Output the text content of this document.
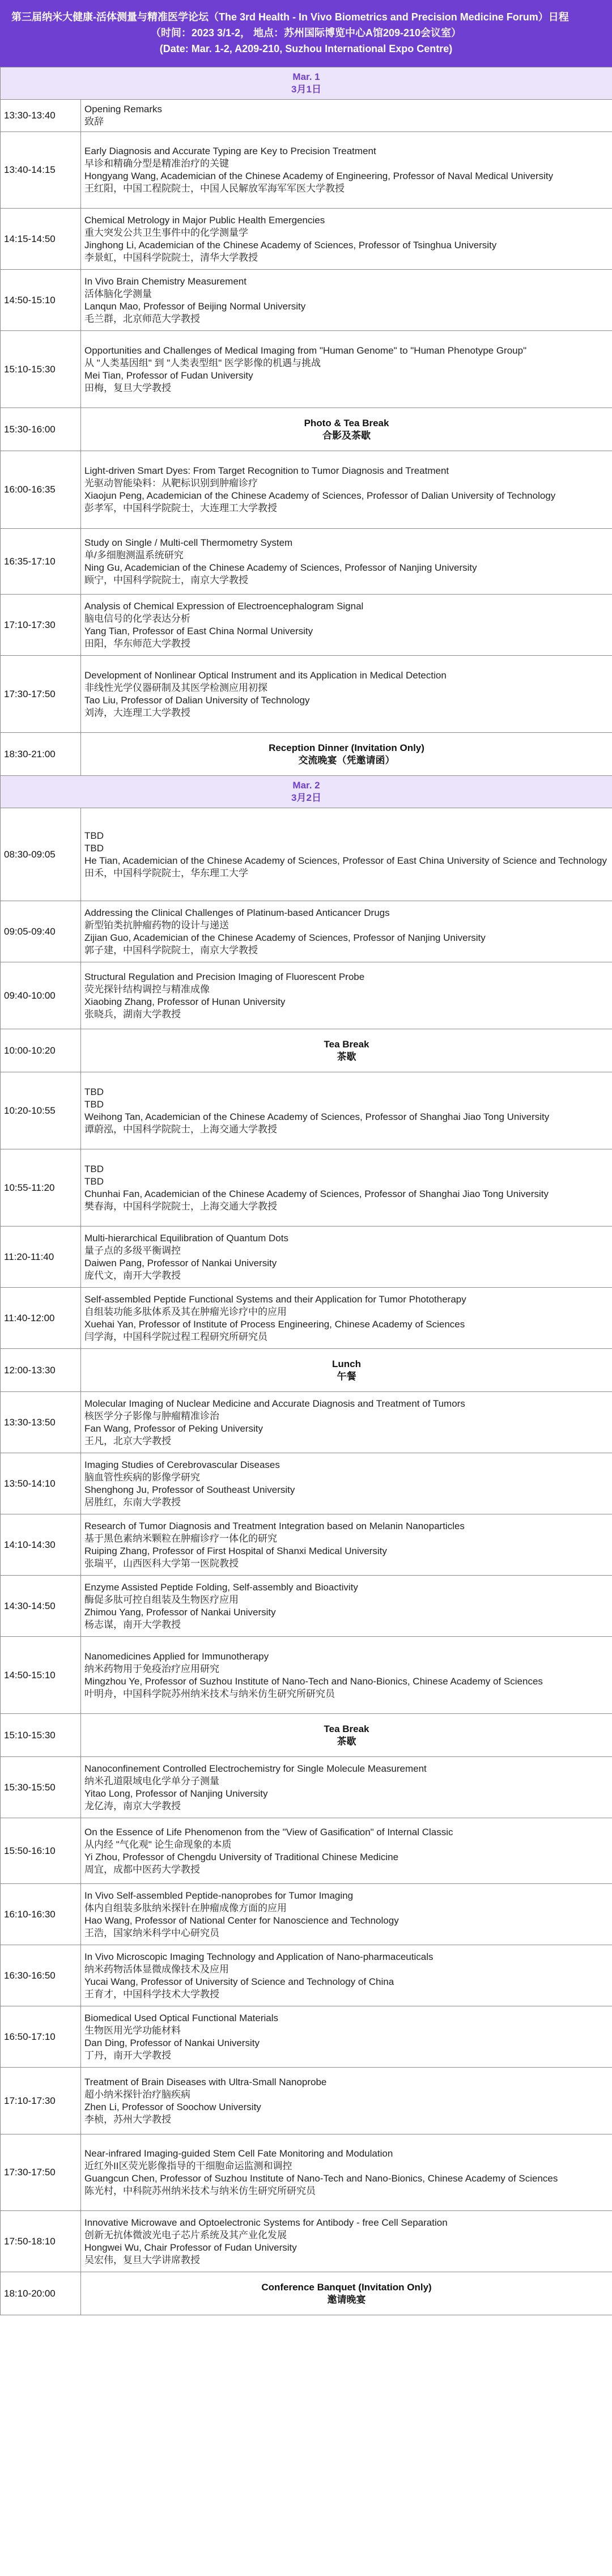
第三届纳米大健康-活体测量与精准医学论坛（The 3rd Health - In Vivo Biometrics and Precision Medicine Forum）日程
（时间：2023 3/1-2， 地点：苏州国际博览中心A馆209-210会议室）
(Date: Mar. 1-2, A209-210, Suzhou International Expo Centre)
Mar. 1
3月1日	

13:30-13:40	Opening Remarks
致辞

13:40-14:15	Early Diagnosis and Accurate Typing are Key to Precision Treatment
早诊和精确分型是精准治疗的关键
Hongyang Wang, Academician of the Chinese Academy of Engineering, Professor of Naval Medical University
王红阳，中国工程院院士，中国人民解放军海军军医大学教授

14:15-14:50	Chemical Metrology in Major Public Health Emergencies
重大突发公共卫生事件中的化学测量学
Jinghong Li, Academician of the Chinese Academy of Sciences, Professor of Tsinghua University
李景虹，中国科学院院士，清华大学教授

14:50-15:10	In Vivo Brain Chemistry Measurement
活体脑化学测量
Lanqun Mao, Professor of Beijing Normal University
毛兰群，北京师范大学教授

15:10-15:30	Opportunities and Challenges of Medical Imaging from "Human Genome" to "Human Phenotype Group"
从 "人类基因组" 到 "人类表型组" 医学影像的机遇与挑战
Mei Tian, Professor of Fudan University
田梅，复旦大学教授

15:30-16:00	Photo & Tea Break
合影及茶歇

16:00-16:35	Light-driven Smart Dyes: From Target Recognition to Tumor Diagnosis and Treatment
光驱动智能染料：从靶标识别到肿瘤诊疗
Xiaojun Peng, Academician of the Chinese Academy of Sciences, Professor of Dalian University of Technology
彭孝军，中国科学院院士，大连理工大学教授

16:35-17:10	Study on Single / Multi-cell Thermometry System
单/多细胞测温系统研究
Ning Gu, Academician of the Chinese Academy of Sciences, Professor of Nanjing University
顾宁，中国科学院院士，南京大学教授

17:10-17:30	Analysis of Chemical Expression of Electroencephalogram Signal
脑电信号的化学表达分析
Yang Tian, Professor of East China Normal University
田阳，华东师范大学教授

17:30-17:50	Development of Nonlinear Optical Instrument and its Application in Medical Detection
非线性光学仪器研制及其医学检测应用初探
Tao Liu, Professor of Dalian University of Technology
刘涛，大连理工大学教授

18:30-21:00	Reception Dinner (Invitation Only)
交流晚宴（凭邀请函）

Mar. 2
3月2日	

08:30-09:05	TBD
TBD
He Tian, Academician of the Chinese Academy of Sciences, Professor of East China University of Science and Technology
田禾，中国科学院院士，华东理工大学

09:05-09:40	Addressing the Clinical Challenges of Platinum-based Anticancer Drugs
新型铂类抗肿瘤药物的设计与递送
Zijian Guo, Academician of the Chinese Academy of Sciences, Professor of Nanjing University
郭子建，中国科学院院士，南京大学教授

09:40-10:00	Structural Regulation and Precision Imaging of Fluorescent Probe
荧光探针结构调控与精准成像
Xiaobing Zhang, Professor of Hunan University
张晓兵，湖南大学教授

10:00-10:20	Tea Break
茶歇

10:20-10:55	TBD
TBD
Weihong Tan, Academician of the Chinese Academy of Sciences, Professor of Shanghai Jiao Tong University
谭蔚泓，中国科学院院士，上海交通大学教授

10:55-11:20	TBD
TBD
Chunhai Fan, Academician of the Chinese Academy of Sciences, Professor of Shanghai Jiao Tong University
樊春海，中国科学院院士，上海交通大学教授

11:20-11:40	Multi-hierarchical Equilibration of Quantum Dots
量子点的多级平衡调控
Daiwen Pang, Professor of Nankai University
庞代文，南开大学教授

11:40-12:00	Self-assembled Peptide Functional Systems and their Application for Tumor Phototherapy
自组装功能多肽体系及其在肿瘤光诊疗中的应用
Xuehai Yan, Professor of Institute of Process Engineering, Chinese Academy of Sciences
闫学海，中国科学院过程工程研究所研究员

12:00-13:30	Lunch
午餐

13:30-13:50	Molecular Imaging of Nuclear Medicine and Accurate Diagnosis and Treatment of Tumors
核医学分子影像与肿瘤精准诊治
Fan Wang, Professor of Peking University
王凡，北京大学教授

13:50-14:10	Imaging Studies of Cerebrovascular Diseases
脑血管性疾病的影像学研究
Shenghong Ju, Professor of Southeast University
居胜红，东南大学教授

14:10-14:30	Research of Tumor Diagnosis and Treatment Integration based on Melanin Nanoparticles
基于黑色素纳米颗粒在肿瘤诊疗一体化的研究
Ruiping Zhang, Professor of First Hospital of Shanxi Medical University
张瑞平，山西医科大学第一医院教授

14:30-14:50	Enzyme Assisted Peptide Folding, Self-assembly and Bioactivity
酶促多肽可控自组装及生物医疗应用
Zhimou Yang, Professor of Nankai University
杨志谋，南开大学教授

14:50-15:10	Nanomedicines Applied for Immunotherapy
纳米药物用于免疫治疗应用研究
Mingzhou Ye, Professor of Suzhou Institute of Nano-Tech and Nano-Bionics, Chinese Academy of Sciences
叶明舟，中国科学院苏州纳米技术与纳米仿生研究所研究员

15:10-15:30	Tea Break
茶歇

15:30-15:50	Nanoconfinement Controlled Electrochemistry for Single Molecule Measurement
纳米孔道限域电化学单分子测量
Yitao Long, Professor of Nanjing University
龙亿涛，南京大学教授

15:50-16:10	On the Essence of Life Phenomenon from the "View of Gasification" of Internal Classic
从内经 "气化观" 论生命现象的本质
Yi Zhou, Professor of Chengdu University of Traditional Chinese Medicine
周宜，成都中医药大学教授

16:10-16:30	In Vivo Self-assembled Peptide-nanoprobes for Tumor Imaging
体内自组装多肽纳米探针在肿瘤成像方面的应用
Hao Wang, Professor of National Center for Nanoscience and Technology
王浩，国家纳米科学中心研究员

16:30-16:50	In Vivo Microscopic Imaging Technology and Application of Nano-pharmaceuticals
纳米药物活体显微成像技术及应用
Yucai Wang, Professor of University of Science and Technology of China
王育才，中国科学技术大学教授

16:50-17:10	Biomedical Used Optical Functional Materials
生物医用光学功能材料
Dan Ding, Professor of Nankai University
丁丹，南开大学教授

17:10-17:30	Treatment of Brain Diseases with Ultra-Small Nanoprobe
超小纳米探针治疗脑疾病
Zhen Li, Professor of Soochow University
李桢，苏州大学教授

17:30-17:50	Near-infrared Imaging-guided Stem Cell Fate Monitoring and Modulation
近红外II区荧光影像指导的干细胞命运监测和调控
Guangcun Chen, Professor of Suzhou Institute of Nano-Tech and Nano-Bionics, Chinese Academy of Sciences
陈光村，中科院苏州纳米技术与纳米仿生研究所研究员

17:50-18:10	Innovative Microwave and Optoelectronic Systems for Antibody - free Cell Separation
创新无抗体微波光电子芯片系统及其产业化发展
Hongwei Wu, Chair Professor of Fudan University
吴宏伟，复旦大学讲席教授

18:10-20:00	Conference Banquet (Invitation Only)
邀请晚宴
